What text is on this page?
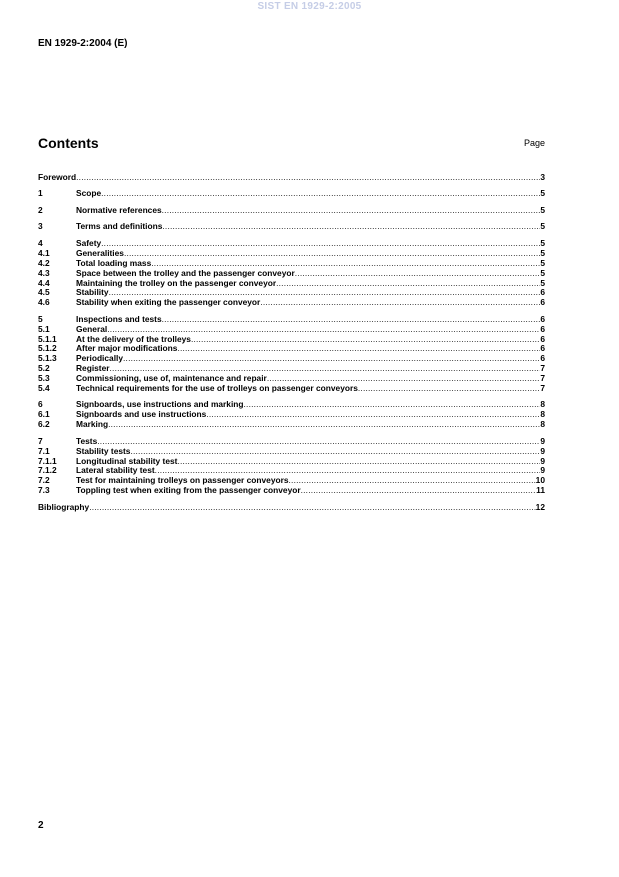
SIST EN 1929-2:2005
EN 1929-2:2004 (E)
Contents	Page
Foreword .....	3
1	Scope .....	5
2	Normative references .....	5
3	Terms and definitions .....	5
4	Safety .....	5
4.1	Generalities .....	5
4.2	Total loading mass .....	5
4.3	Space between the trolley and the passenger conveyor .....	5
4.4	Maintaining the trolley on the passenger conveyor .....	5
4.5	Stability .....	6
4.6	Stability when exiting the passenger conveyor .....	6
5	Inspections and tests .....	6
5.1	General .....	6
5.1.1	At the delivery of the trolleys .....	6
5.1.2	After major modifications .....	6
5.1.3	Periodically .....	6
5.2	Register .....	7
5.3	Commissioning, use of, maintenance and repair .....	7
5.4	Technical requirements for the use of trolleys on passenger conveyors .....	7
6	Signboards, use instructions and marking .....	8
6.1	Signboards and use instructions .....	8
6.2	Marking .....	8
7	Tests .....	9
7.1	Stability tests .....	9
7.1.1	Longitudinal stability test .....	9
7.1.2	Lateral stability test .....	9
7.2	Test for maintaining trolleys on passenger conveyors .....	10
7.3	Toppling test when exiting from the passenger conveyor .....	11
Bibliography .....	12
2
